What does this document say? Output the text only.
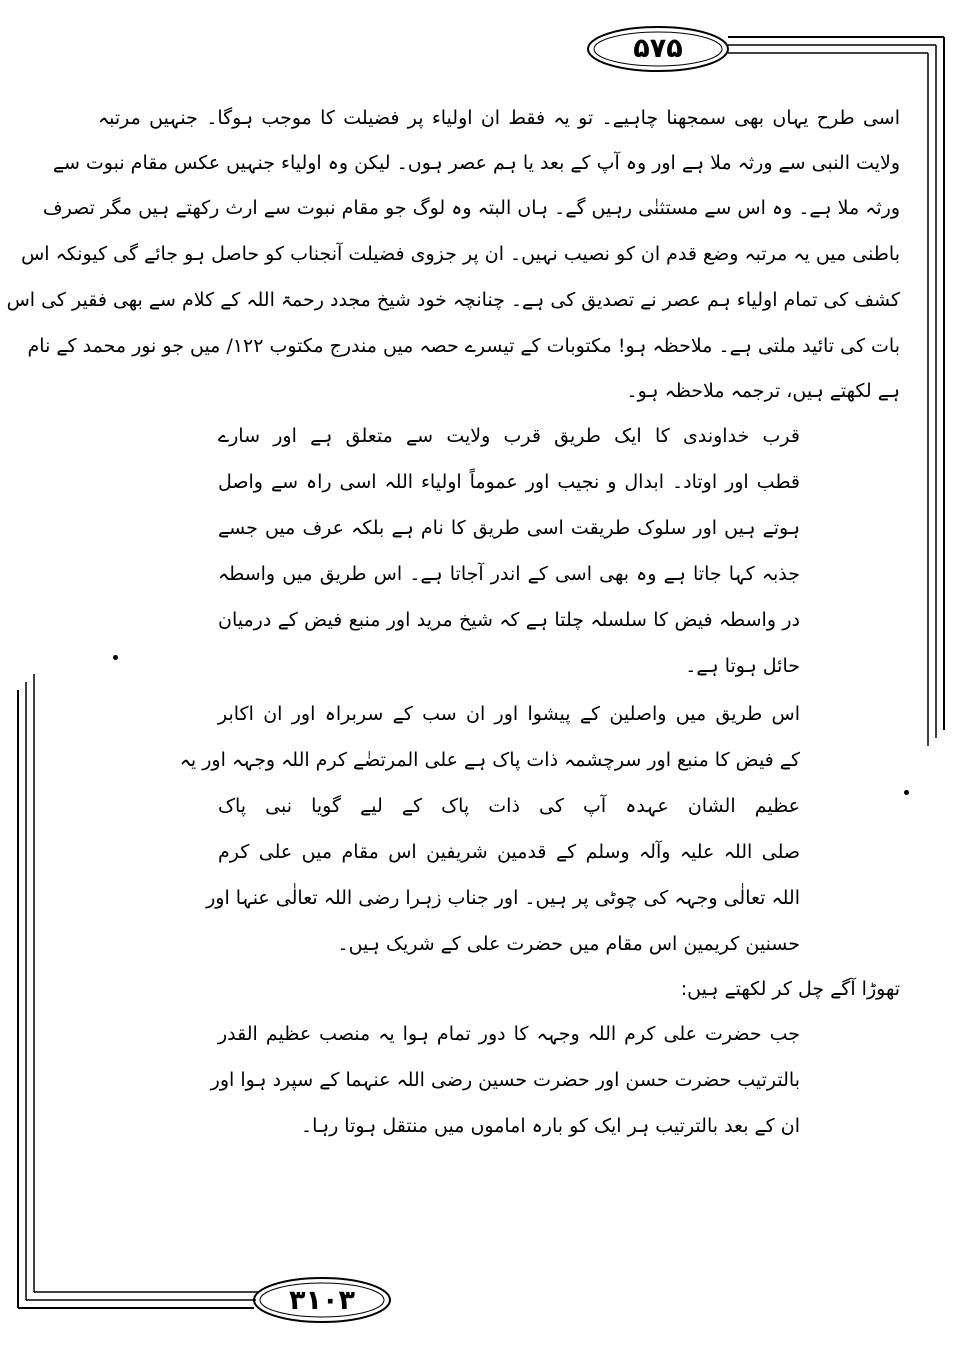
۵۷۵
۳۱۰۳
اسی طرح یہاں بھی سمجھنا چاہیے۔ تو یہ فقط ان اولیاء پر فضیلت کا موجب ہوگا۔ جنہیں مرتبہ
ولایت النبی سے ورثہ ملا ہے اور وہ آپ کے بعد یا ہم عصر ہوں۔ لیکن وہ اولیاء جنہیں عکس مقام نبوت سے
ورثہ ملا ہے۔ وہ اس سے مستثنٰی رہیں گے۔ ہاں البتہ وہ لوگ جو مقام نبوت سے ارث رکھتے ہیں مگر تصرف
باطنی میں یہ مرتبہ وضع قدم ان کو نصیب نہیں۔ ان پر جزوی فضیلت آنجناب کو حاصل ہو جائے گی کیونکہ اس
کشف کی تمام اولیاء ہم عصر نے تصدیق کی ہے۔ چنانچہ خود شیخ مجدد رحمۃ اللہ کے کلام سے بھی فقیر کی اس
بات کی تائید ملتی ہے۔ ملاحظہ ہو! مکتوبات کے تیسرے حصہ میں مندرج مکتوب ۱۲۲/ میں جو نور محمد کے نام
ہے لکھتے ہیں، ترجمہ ملاحظہ ہو۔
قرب خداوندی کا ایک طریق قرب ولایت سے متعلق ہے اور سارے
قطب اور اوتاد۔ ابدال و نجیب اور عموماً اولیاء اللہ اسی راہ سے واصل
ہوتے ہیں اور سلوک طریقت اسی طریق کا نام ہے بلکہ عرف میں جسے
جذبہ کہا جاتا ہے وہ بھی اسی کے اندر آجاتا ہے۔ اس طریق میں واسطہ
در واسطہ فیض کا سلسلہ چلتا ہے کہ شیخ مرید اور منبع فیض کے درمیان
حائل ہوتا ہے۔
اس طریق میں واصلین کے پیشوا اور ان سب کے سربراہ اور ان اکابر
کے فیض کا منبع اور سرچشمہ ذات پاک ہے علی المرتضٰے کرم اللہ وجہہ اور یہ
عظیم الشان عہدہ آپ کی ذات پاک کے لیے گویا نبی پاک
صلی اللہ علیہ وآلہ وسلم کے قدمین شریفین اس مقام میں علی کرم
اللہ تعالٰی وجہہ کی چوٹی پر ہیں۔ اور جناب زہرا رضی اللہ تعالٰی عنہا اور
حسنین کریمین اس مقام میں حضرت علی کے شریک ہیں۔
تھوڑا آگے چل کر لکھتے ہیں:
جب حضرت علی کرم اللہ وجہہ کا دور تمام ہوا یہ منصب عظیم القدر
بالترتیب حضرت حسن اور حضرت حسین رضی اللہ عنہما کے سپرد ہوا اور
ان کے بعد بالترتیب ہر ایک کو بارہ اماموں میں منتقل ہوتا رہا۔
